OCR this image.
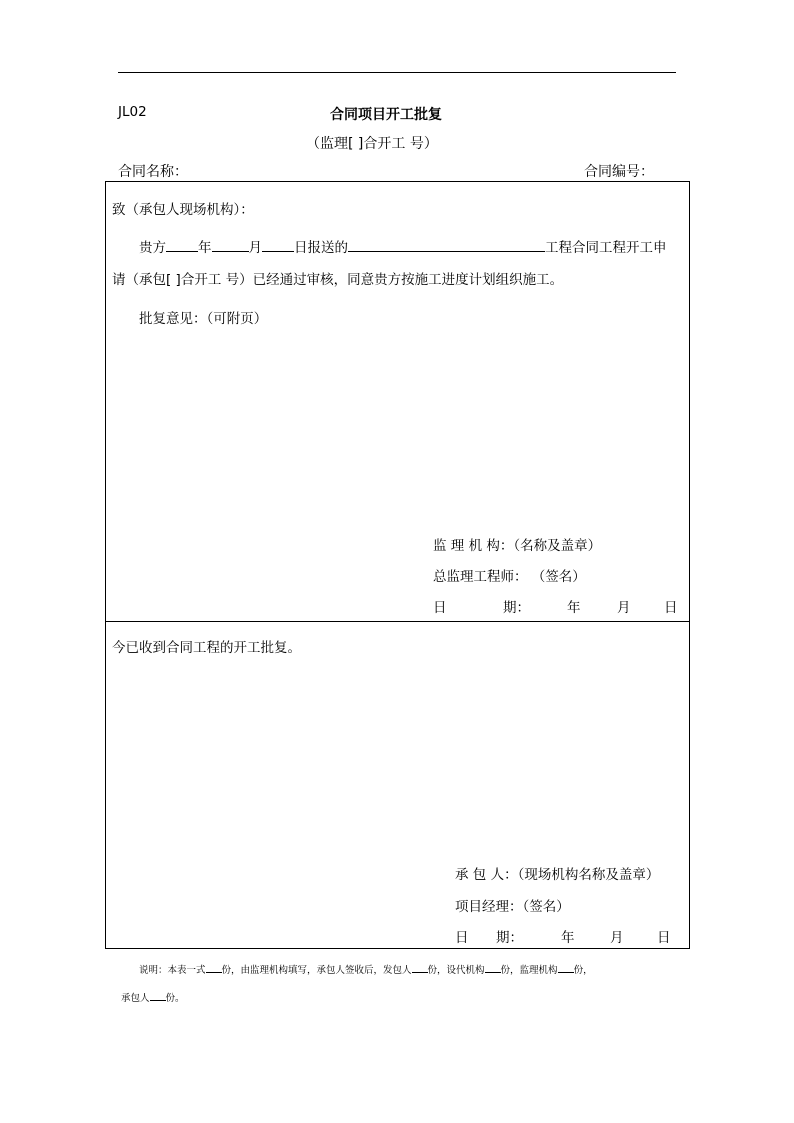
JL02	合同项目开工批复
（监理[ ]合开工 号）
合同名称：	合同编号：
致（承包人现场机构）：
贵方 年	月 日报送的	工程合同工程开工申
请（承包[ ]合开工 号）已经通过审核，同意贵方按施工进度计划组织施工。
批复意见：（可附页）
监 理 机 构：（名称及盖章）
总监理工程师： （签名）
日	期：	年	月 日
今已收到合同工程的开工批复。
承 包 人：（现场机构名称及盖章）
项目经理：（签名）
日 期：	年	月 日
说明：本表一式 份，由监理机构填写，承包人签收后，发包人 份，设代机构 份，监理机构 份，
承包人 份。
